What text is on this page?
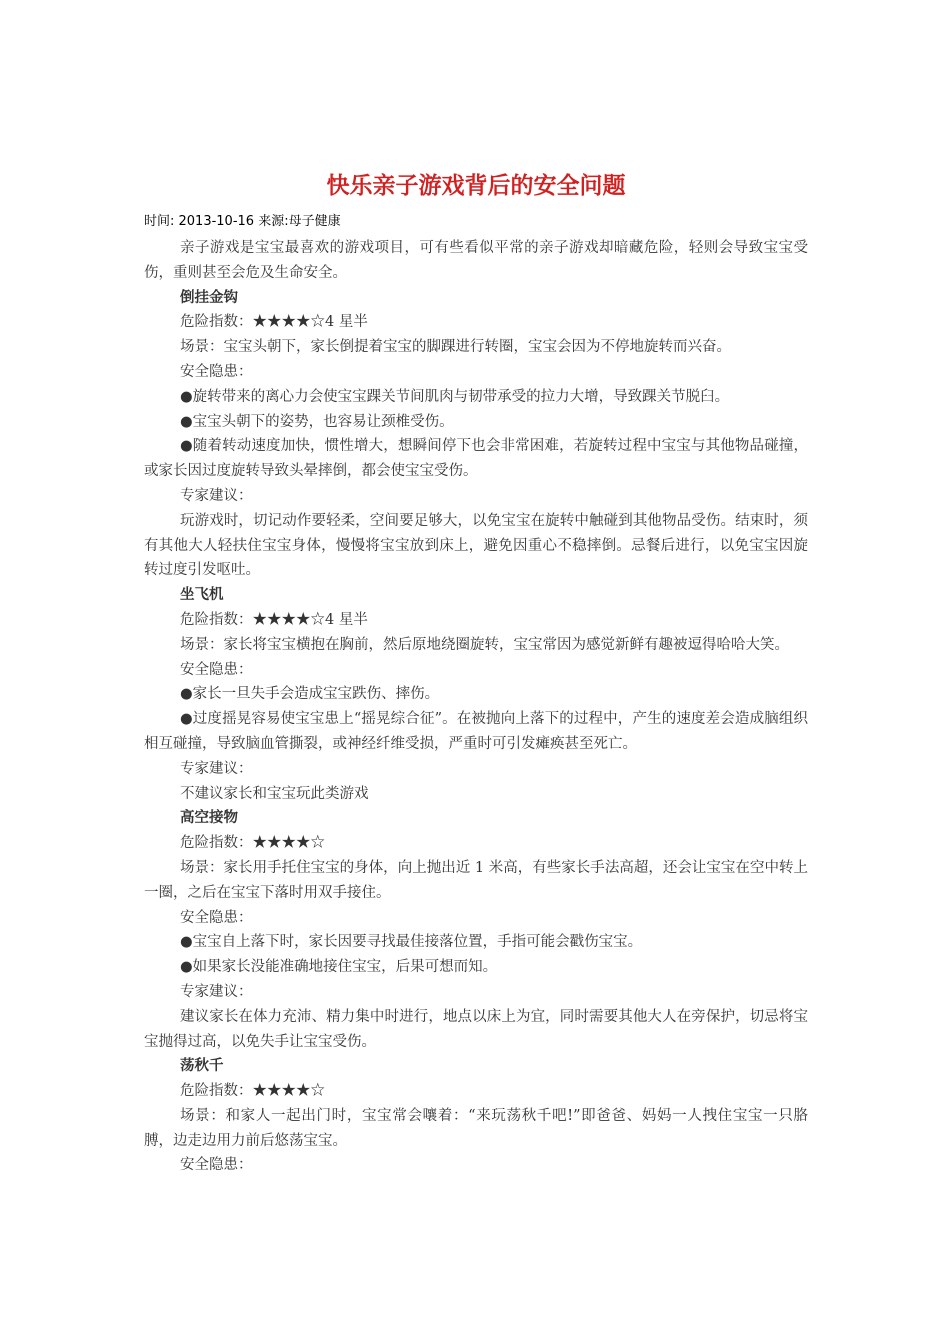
快乐亲子游戏背后的安全问题
时间: 2013-10-16 来源:母子健康

亲子游戏是宝宝最喜欢的游戏项目，可有些看似平常的亲子游戏却暗藏危险，轻则会导致宝宝受伤，重则甚至会危及生命安全。

倒挂金钩

危险指数：★★★★☆4 星半

场景：宝宝头朝下，家长倒提着宝宝的脚踝进行转圈，宝宝会因为不停地旋转而兴奋。

安全隐患：

●旋转带来的离心力会使宝宝踝关节间肌肉与韧带承受的拉力大增，导致踝关节脱臼。

●宝宝头朝下的姿势，也容易让颈椎受伤。

●随着转动速度加快，惯性增大，想瞬间停下也会非常困难，若旋转过程中宝宝与其他物品碰撞，或家长因过度旋转导致头晕摔倒，都会使宝宝受伤。

专家建议：

玩游戏时，切记动作要轻柔，空间要足够大，以免宝宝在旋转中触碰到其他物品受伤。结束时，须有其他大人轻扶住宝宝身体，慢慢将宝宝放到床上，避免因重心不稳摔倒。忌餐后进行，以免宝宝因旋转过度引发呕吐。

坐飞机

危险指数：★★★★☆4 星半

场景：家长将宝宝横抱在胸前，然后原地绕圈旋转，宝宝常因为感觉新鲜有趣被逗得哈哈大笑。

安全隐患：

●家长一旦失手会造成宝宝跌伤、摔伤。

●过度摇晃容易使宝宝患上“摇晃综合征”。在被抛向上落下的过程中，产生的速度差会造成脑组织相互碰撞，导致脑血管撕裂，或神经纤维受损，严重时可引发瘫痪甚至死亡。

专家建议：

不建议家长和宝宝玩此类游戏

高空接物

危险指数：★★★★☆

场景：家长用手托住宝宝的身体，向上抛出近 1 米高，有些家长手法高超，还会让宝宝在空中转上一圈，之后在宝宝下落时用双手接住。

安全隐患：

●宝宝自上落下时，家长因要寻找最佳接落位置，手指可能会戳伤宝宝。

●如果家长没能准确地接住宝宝，后果可想而知。

专家建议：

建议家长在体力充沛、精力集中时进行，地点以床上为宜，同时需要其他大人在旁保护，切忌将宝宝抛得过高，以免失手让宝宝受伤。

荡秋千

危险指数：★★★★☆

场景：和家人一起出门时，宝宝常会嚷着：“来玩荡秋千吧!”即爸爸、妈妈一人拽住宝宝一只胳膊，边走边用力前后悠荡宝宝。

安全隐患：
